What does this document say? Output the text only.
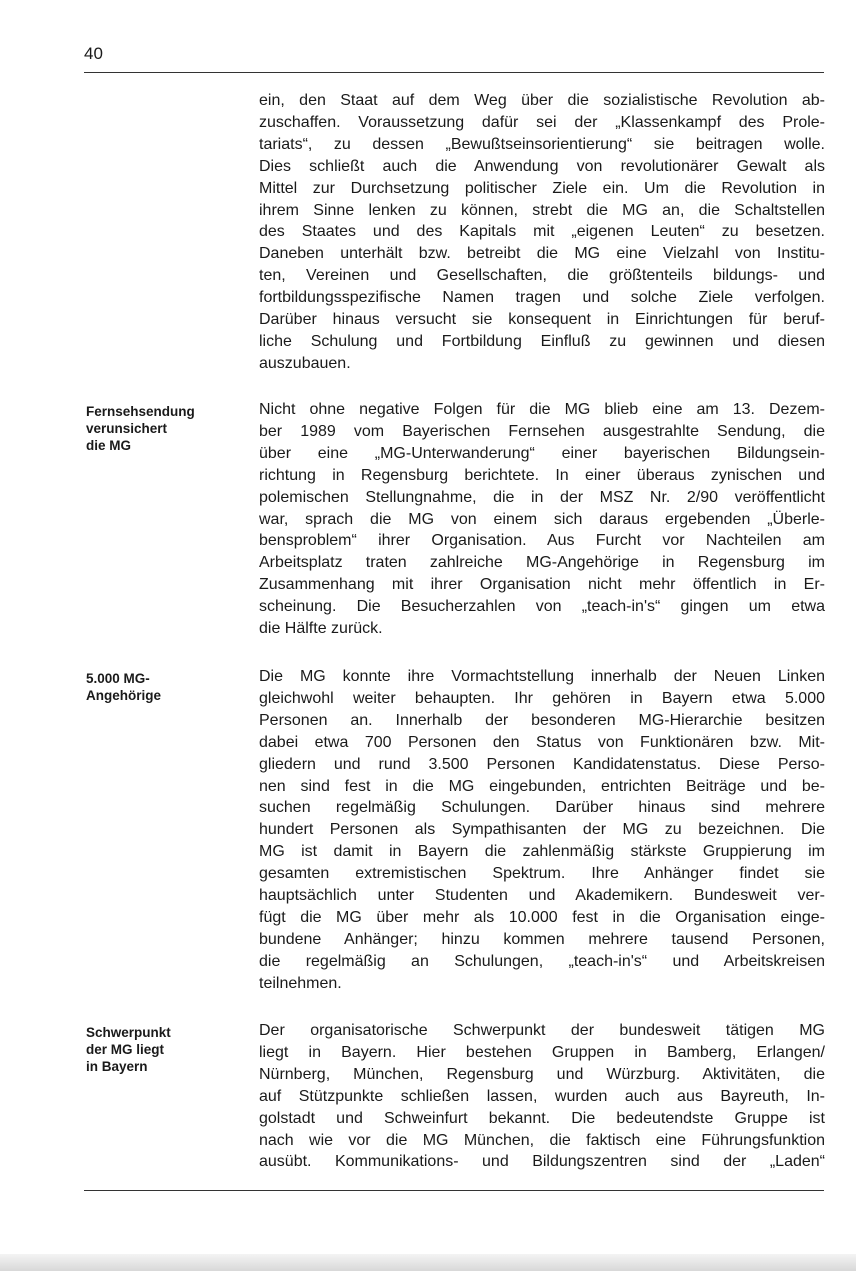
40
ein, den Staat auf dem Weg über die sozialistische Revolution ab-
zuschaffen. Voraussetzung dafür sei der „Klassenkampf des Prole-
tariats“, zu dessen „Bewußtseinsorientierung“ sie beitragen wolle.
Dies schließt auch die Anwendung von revolutionärer Gewalt als
Mittel zur Durchsetzung politischer Ziele ein. Um die Revolution in
ihrem Sinne lenken zu können, strebt die MG an, die Schaltstellen
des Staates und des Kapitals mit „eigenen Leuten“ zu besetzen.
Daneben unterhält bzw. betreibt die MG eine Vielzahl von Institu-
ten, Vereinen und Gesellschaften, die größtenteils bildungs- und
fortbildungsspezifische Namen tragen und solche Ziele verfolgen.
Darüber hinaus versucht sie konsequent in Einrichtungen für beruf-
liche Schulung und Fortbildung Einfluß zu gewinnen und diesen
auszubauen.
Fernsehsendung
verunsichert
die MG
Nicht ohne negative Folgen für die MG blieb eine am 13. Dezem-
ber 1989 vom Bayerischen Fernsehen ausgestrahlte Sendung, die
über eine „MG-Unterwanderung“ einer bayerischen Bildungsein-
richtung in Regensburg berichtete. In einer überaus zynischen und
polemischen Stellungnahme, die in der MSZ Nr. 2/90 veröffentlicht
war, sprach die MG von einem sich daraus ergebenden „Überle-
bensproblem“ ihrer Organisation. Aus Furcht vor Nachteilen am
Arbeitsplatz traten zahlreiche MG-Angehörige in Regensburg im
Zusammenhang mit ihrer Organisation nicht mehr öffentlich in Er-
scheinung. Die Besucherzahlen von „teach-in's“ gingen um etwa
die Hälfte zurück.
5.000 MG-
Angehörige
Die MG konnte ihre Vormachtstellung innerhalb der Neuen Linken
gleichwohl weiter behaupten. Ihr gehören in Bayern etwa 5.000
Personen an. Innerhalb der besonderen MG-Hierarchie besitzen
dabei etwa 700 Personen den Status von Funktionären bzw. Mit-
gliedern und rund 3.500 Personen Kandidatenstatus. Diese Perso-
nen sind fest in die MG eingebunden, entrichten Beiträge und be-
suchen regelmäßig Schulungen. Darüber hinaus sind mehrere
hundert Personen als Sympathisanten der MG zu bezeichnen. Die
MG ist damit in Bayern die zahlenmäßig stärkste Gruppierung im
gesamten extremistischen Spektrum. Ihre Anhänger findet sie
hauptsächlich unter Studenten und Akademikern. Bundesweit ver-
fügt die MG über mehr als 10.000 fest in die Organisation einge-
bundene Anhänger; hinzu kommen mehrere tausend Personen,
die regelmäßig an Schulungen, „teach-in's“ und Arbeitskreisen
teilnehmen.
Schwerpunkt
der MG liegt
in Bayern
Der organisatorische Schwerpunkt der bundesweit tätigen MG
liegt in Bayern. Hier bestehen Gruppen in Bamberg, Erlangen/
Nürnberg, München, Regensburg und Würzburg. Aktivitäten, die
auf Stützpunkte schließen lassen, wurden auch aus Bayreuth, In-
golstadt und Schweinfurt bekannt. Die bedeutendste Gruppe ist
nach wie vor die MG München, die faktisch eine Führungsfunktion
ausübt. Kommunikations- und Bildungszentren sind der „Laden“
